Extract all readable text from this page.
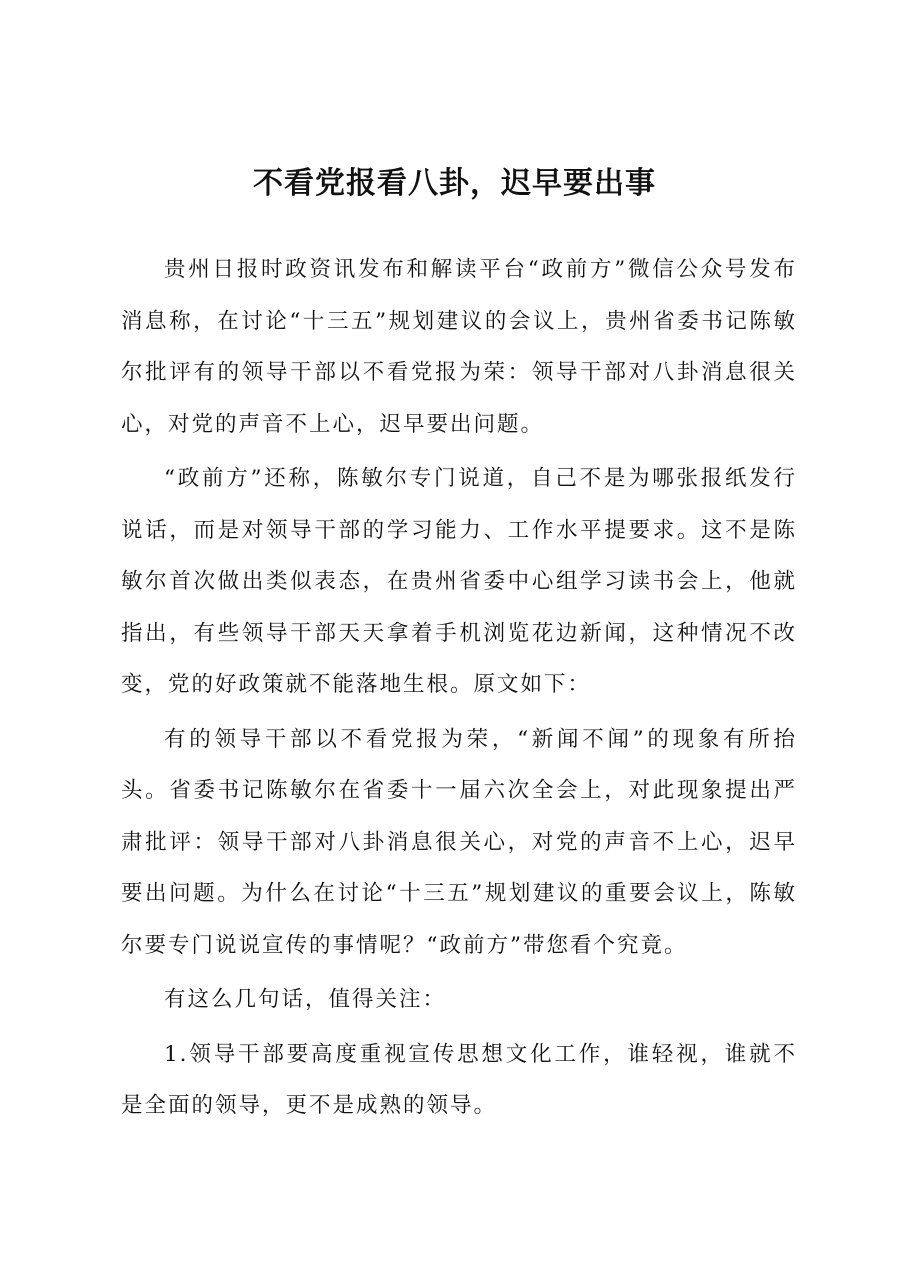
不看党报看八卦，迟早要出事

贵州日报时政资讯发布和解读平台“政前方”微信公众号发布消息称，在讨论“十三五”规划建议的会议上，贵州省委书记陈敏尔批评有的领导干部以不看党报为荣：领导干部对八卦消息很关心，对党的声音不上心，迟早要出问题。

“政前方”还称，陈敏尔专门说道，自己不是为哪张报纸发行说话，而是对领导干部的学习能力、工作水平提要求。这不是陈敏尔首次做出类似表态，在贵州省委中心组学习读书会上，他就指出，有些领导干部天天拿着手机浏览花边新闻，这种情况不改变，党的好政策就不能落地生根。原文如下：

有的领导干部以不看党报为荣，“新闻不闻”的现象有所抬头。省委书记陈敏尔在省委十一届六次全会上，对此现象提出严肃批评：领导干部对八卦消息很关心，对党的声音不上心，迟早要出问题。为什么在讨论“十三五”规划建议的重要会议上，陈敏尔要专门说说宣传的事情呢？“政前方”带您看个究竟。

有这么几句话，值得关注：

1.领导干部要高度重视宣传思想文化工作，谁轻视，谁就不是全面的领导，更不是成熟的领导。
